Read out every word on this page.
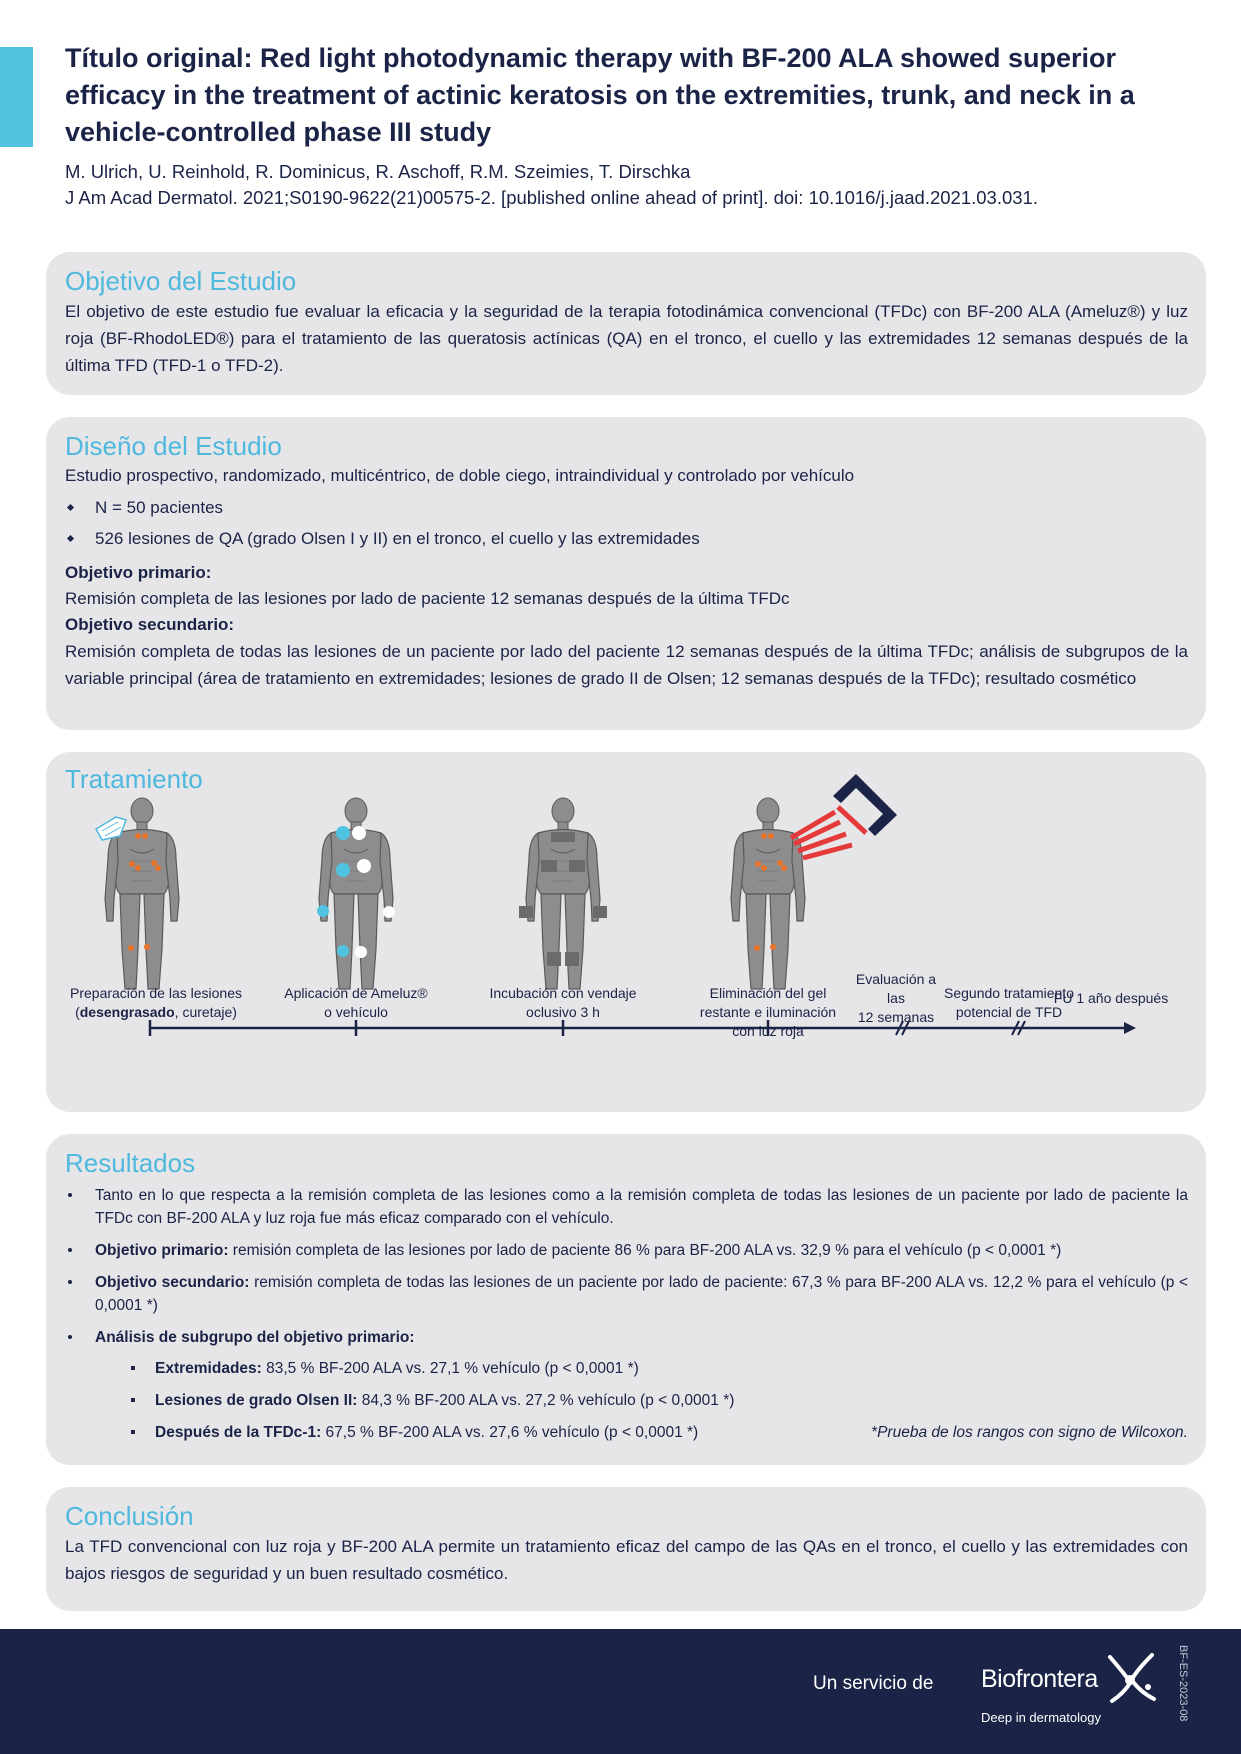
Título original: Red light photodynamic therapy with BF-200 ALA showed superior efficacy in the treatment of actinic keratosis on the extremities, trunk, and neck in a vehicle-controlled phase III study
M. Ulrich, U. Reinhold, R. Dominicus, R. Aschoff, R.M. Szeimies, T. Dirschka
J Am Acad Dermatol. 2021;S0190-9622(21)00575-2. [published online ahead of print]. doi: 10.1016/j.jaad.2021.03.031.
Objetivo del Estudio
El objetivo de este estudio fue evaluar la eficacia y la seguridad de la terapia fotodinámica convencional (TFDc) con BF-200 ALA (Ameluz®) y luz roja (BF-RhodoLED®) para el tratamiento de las queratosis actínicas (QA) en el tronco, el cuello y las extremidades 12 semanas después de la última TFD (TFD-1 o TFD-2).
Diseño del Estudio
Estudio prospectivo, randomizado, multicéntrico, de doble ciego, intraindividual y controlado por vehículo
N = 50 pacientes
526 lesiones de QA (grado Olsen I y II) en el tronco, el cuello y las extremidades
Objetivo primario:
Remisión completa de las lesiones por lado de paciente 12 semanas después de la última TFDc
Objetivo secundario:
Remisión completa de todas las lesiones de un paciente por lado del paciente 12 semanas después de la última TFDc; análisis de subgrupos de la variable principal (área de tratamiento en extremidades; lesiones de grado II de Olsen; 12 semanas después de la TFDc); resultado cosmético
Tratamiento
Preparación de las lesiones
(desengrasado, curetaje)
Aplicación de Ameluz®
o vehículo
Incubación con vendaje
oclusivo 3 h
Eliminación del gel
restante e iluminación
con luz roja
Segundo tratamiento
potencial de TFD
Evaluación a las
12 semanas
FU 1 año después
Resultados
Tanto en lo que respecta a la remisión completa de las lesiones como a la remisión completa de todas las lesiones de un paciente por lado de paciente la TFDc con BF-200 ALA y luz roja fue más eficaz comparado con el vehículo.
Objetivo primario: remisión completa de las lesiones por lado de paciente 86 % para BF-200 ALA vs. 32,9 % para el vehículo (p < 0,0001 *)
Objetivo secundario: remisión completa de todas las lesiones de un paciente por lado de paciente: 67,3 % para BF-200 ALA vs. 12,2 % para el vehículo (p < 0,0001 *)
Análisis de subgrupo del objetivo primario:
Extremidades: 83,5 % BF-200 ALA vs. 27,1 % vehículo (p < 0,0001 *)
Lesiones de grado Olsen II: 84,3 % BF-200 ALA vs. 27,2 % vehículo (p < 0,0001 *)
Después de la TFDc-1: 67,5 % BF-200 ALA vs. 27,6 % vehículo (p < 0,0001 *)	*Prueba de los rangos con signo de Wilcoxon.
Conclusión
La TFD convencional con luz roja y BF-200 ALA permite un tratamiento eficaz del campo de las QAs en el tronco, el cuello y las extremidades con bajos riesgos de seguridad y un buen resultado cosmético.
Un servicio de Biofrontera
Deep in dermatology	BF-ES-2023-08
